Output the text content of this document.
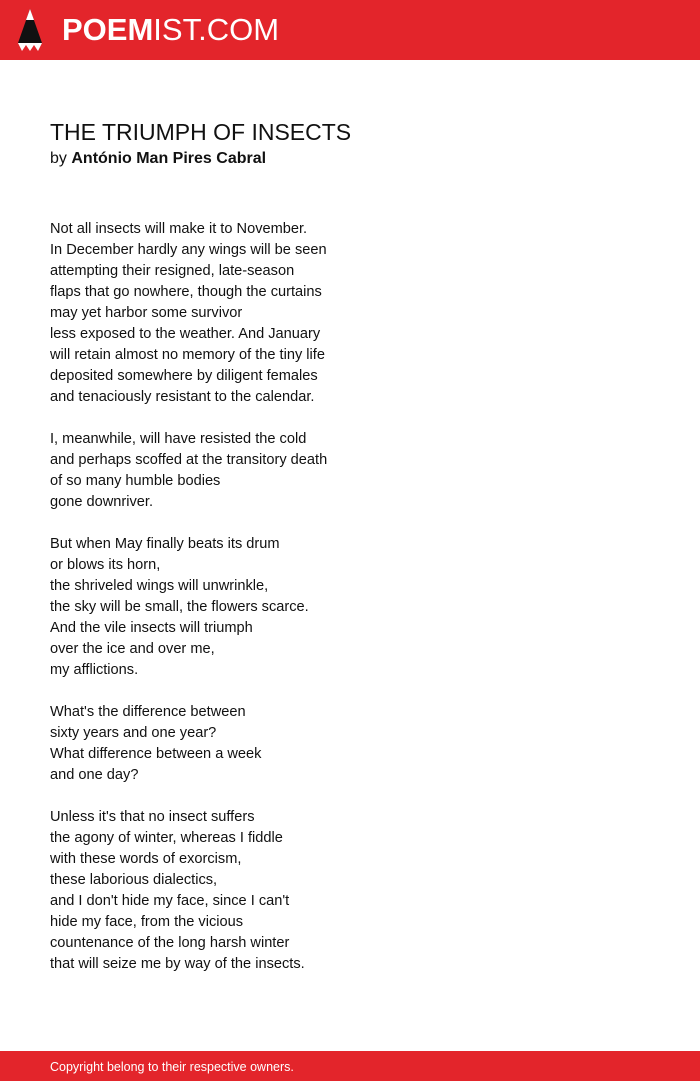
POEMIST.COM
THE TRIUMPH OF INSECTS
by António Man Pires Cabral
Not all insects will make it to November.
In December hardly any wings will be seen
attempting their resigned, late-season
flaps that go nowhere, though the curtains
may yet harbor some survivor
less exposed to the weather. And January
will retain almost no memory of the tiny life
deposited somewhere by diligent females
and tenaciously resistant to the calendar.
I, meanwhile, will have resisted the cold
and perhaps scoffed at the transitory death
of so many humble bodies
gone downriver.
But when May finally beats its drum
or blows its horn,
the shriveled wings will unwrinkle,
the sky will be small, the flowers scarce.
And the vile insects will triumph
over the ice and over me,
my afflictions.
What's the difference between
sixty years and one year?
What difference between a week
and one day?
Unless it's that no insect suffers
the agony of winter, whereas I fiddle
with these words of exorcism,
these laborious dialectics,
and I don't hide my face, since I can't
hide my face, from the vicious
countenance of the long harsh winter
that will seize me by way of the insects.
Copyright belong to their respective owners.
